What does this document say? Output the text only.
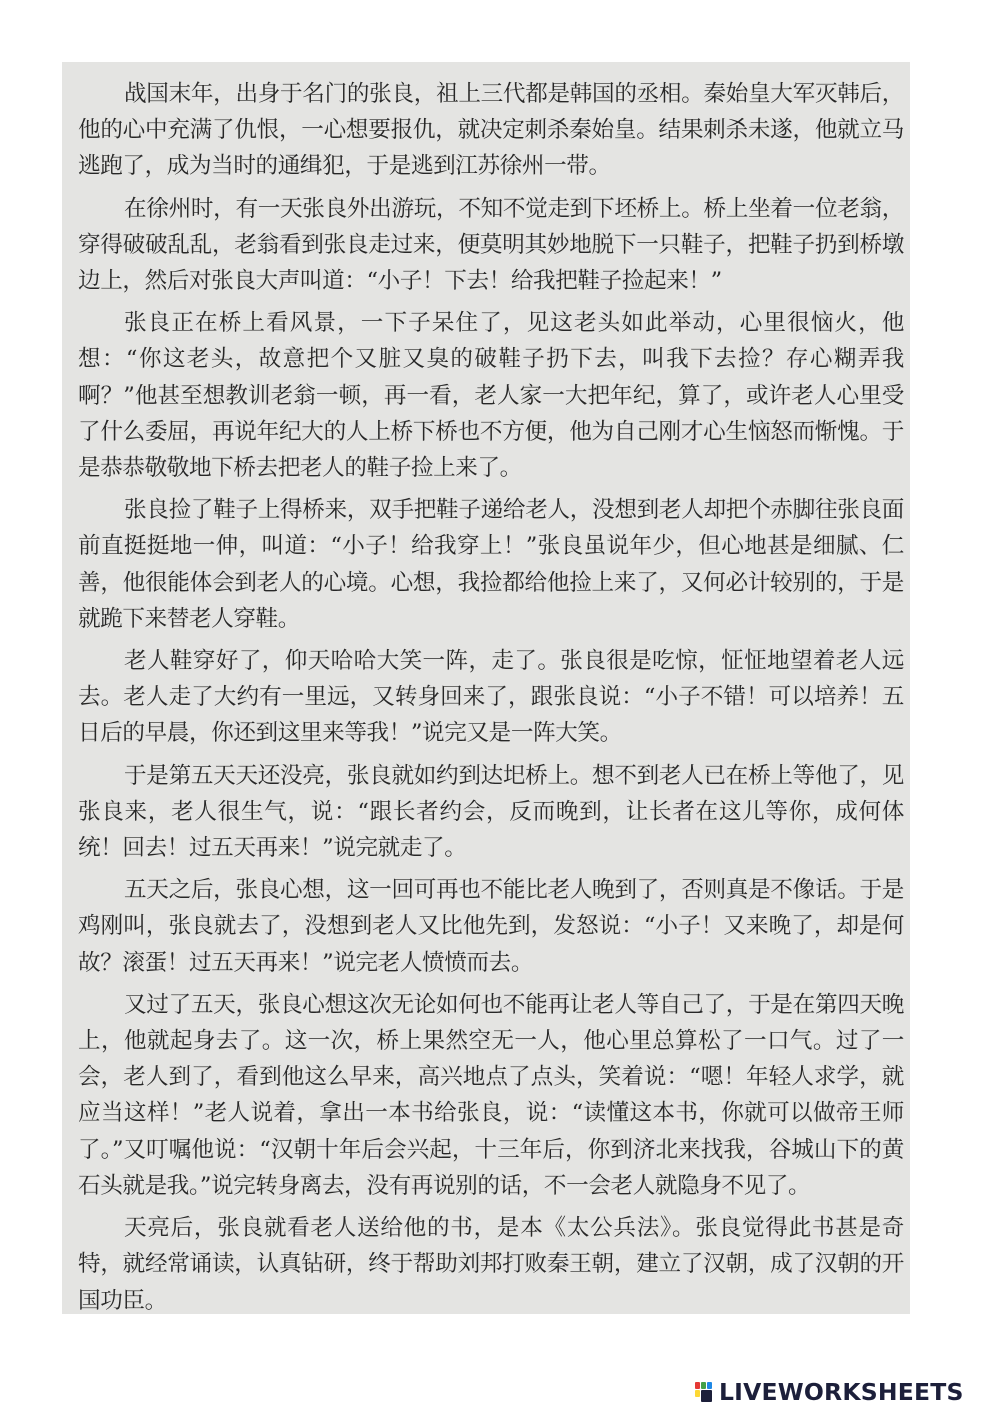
战国末年，出身于名门的张良，祖上三代都是韩国的丞相。秦始皇大军灭韩后，他的心中充满了仇恨，一心想要报仇，就决定刺杀秦始皇。结果刺杀未遂，他就立马逃跑了，成为当时的通缉犯，于是逃到江苏徐州一带。

在徐州时，有一天张良外出游玩，不知不觉走到下坯桥上。桥上坐着一位老翁，穿得破破乱乱，老翁看到张良走过来，便莫明其妙地脱下一只鞋子，把鞋子扔到桥墩边上，然后对张良大声叫道：“小子！下去！给我把鞋子捡起来！”

张良正在桥上看风景，一下子呆住了，见这老头如此举动，心里很恼火，他想：“你这老头，故意把个又脏又臭的破鞋子扔下去，叫我下去捡？存心糊弄我啊？”他甚至想教训老翁一顿，再一看，老人家一大把年纪，算了，或许老人心里受了什么委屈，再说年纪大的人上桥下桥也不方便，他为自己刚才心生恼怒而惭愧。于是恭恭敬敬地下桥去把老人的鞋子捡上来了。

张良捡了鞋子上得桥来，双手把鞋子递给老人，没想到老人却把个赤脚往张良面前直挺挺地一伸，叫道：“小子！给我穿上！”张良虽说年少，但心地甚是细腻、仁善，他很能体会到老人的心境。心想，我捡都给他捡上来了，又何必计较别的，于是就跪下来替老人穿鞋。

老人鞋穿好了，仰天哈哈大笑一阵，走了。张良很是吃惊，怔怔地望着老人远去。老人走了大约有一里远，又转身回来了，跟张良说：“小子不错！可以培养！五日后的早晨，你还到这里来等我！”说完又是一阵大笑。

于是第五天天还没亮，张良就如约到达圯桥上。想不到老人已在桥上等他了，见张良来，老人很生气，说：“跟长者约会，反而晚到，让长者在这儿等你，成何体统！回去！过五天再来！”说完就走了。

五天之后，张良心想，这一回可再也不能比老人晚到了，否则真是不像话。于是鸡刚叫，张良就去了，没想到老人又比他先到，发怒说：“小子！又来晚了，却是何故？滚蛋！过五天再来！”说完老人愤愤而去。

又过了五天，张良心想这次无论如何也不能再让老人等自己了，于是在第四天晚上，他就起身去了。这一次，桥上果然空无一人，他心里总算松了一口气。过了一会，老人到了，看到他这么早来，高兴地点了点头，笑着说：“嗯！年轻人求学，就应当这样！”老人说着，拿出一本书给张良，说：“读懂这本书，你就可以做帝王师了。”又叮嘱他说：“汉朝十年后会兴起，十三年后，你到济北来找我，谷城山下的黄石头就是我。”说完转身离去，没有再说别的话，不一会老人就隐身不见了。

天亮后，张良就看老人送给他的书，是本《太公兵法》。张良觉得此书甚是奇特，就经常诵读，认真钻研，终于帮助刘邦打败秦王朝，建立了汉朝，成了汉朝的开国功臣。

LIVEWORKSHEETS
